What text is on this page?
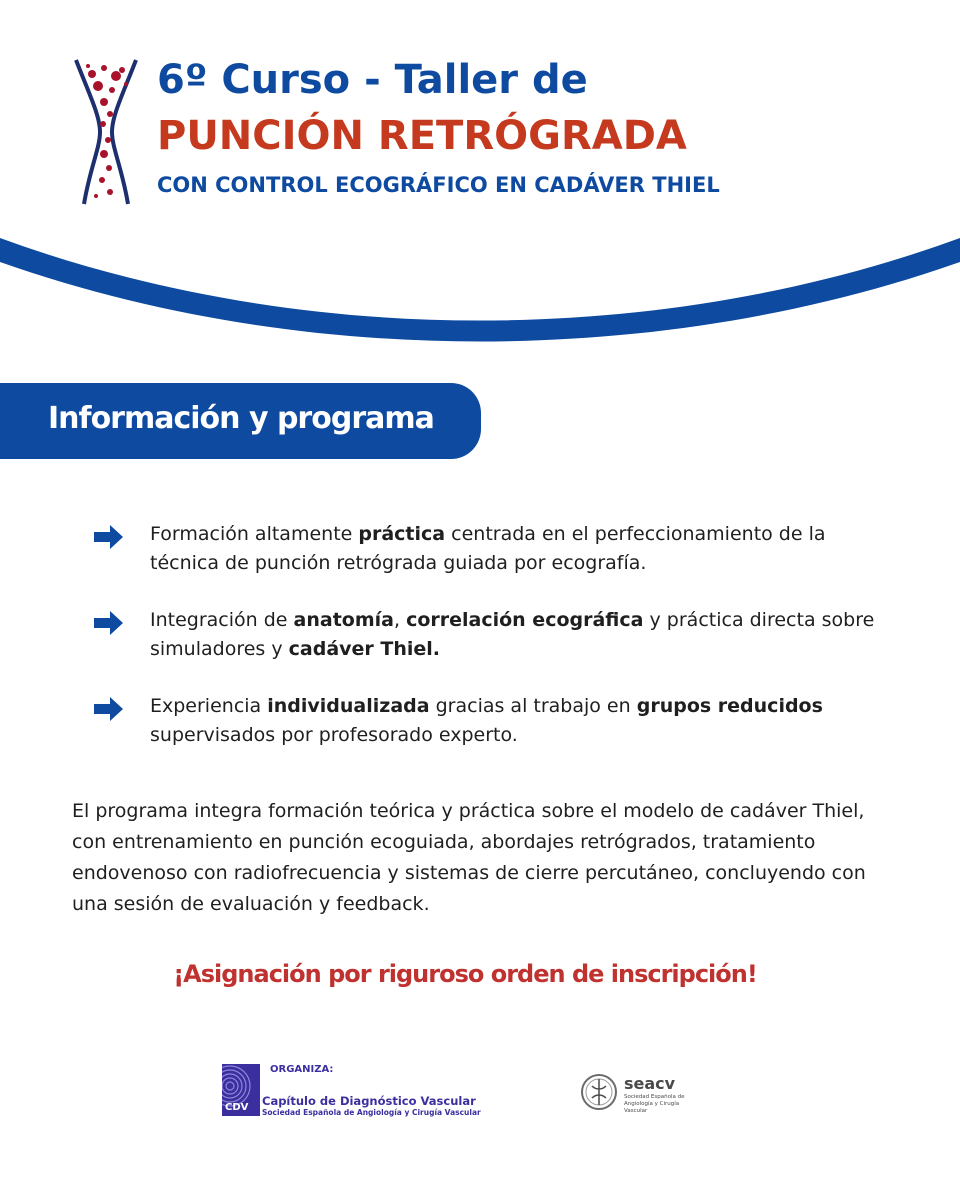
6º Curso - Taller de
PUNCIÓN RETRÓGRADA
CON CONTROL ECOGRÁFICO EN CADÁVER THIEL
Información y programa
Formación altamente práctica centrada en el perfeccionamiento de la técnica de punción retrógrada guiada por ecografía.
Integración de anatomía, correlación ecográfica y práctica directa sobre simuladores y cadáver Thiel.
Experiencia individualizada gracias al trabajo en grupos reducidos supervisados por profesorado experto.

El programa integra formación teórica y práctica sobre el modelo de cadáver Thiel, con entrenamiento en punción ecoguiada, abordajes retrógrados, tratamiento endovenoso con radiofrecuencia y sistemas de cierre percutáneo, concluyendo con una sesión de evaluación y feedback.

¡Asignación por riguroso orden de inscripción!
CDV
ORGANIZA:
Capítulo de Diagnóstico Vascular
Sociedad Española de Angiología y Cirugía Vascular
seacv
Sociedad Española de Angiología y Cirugía Vascular
